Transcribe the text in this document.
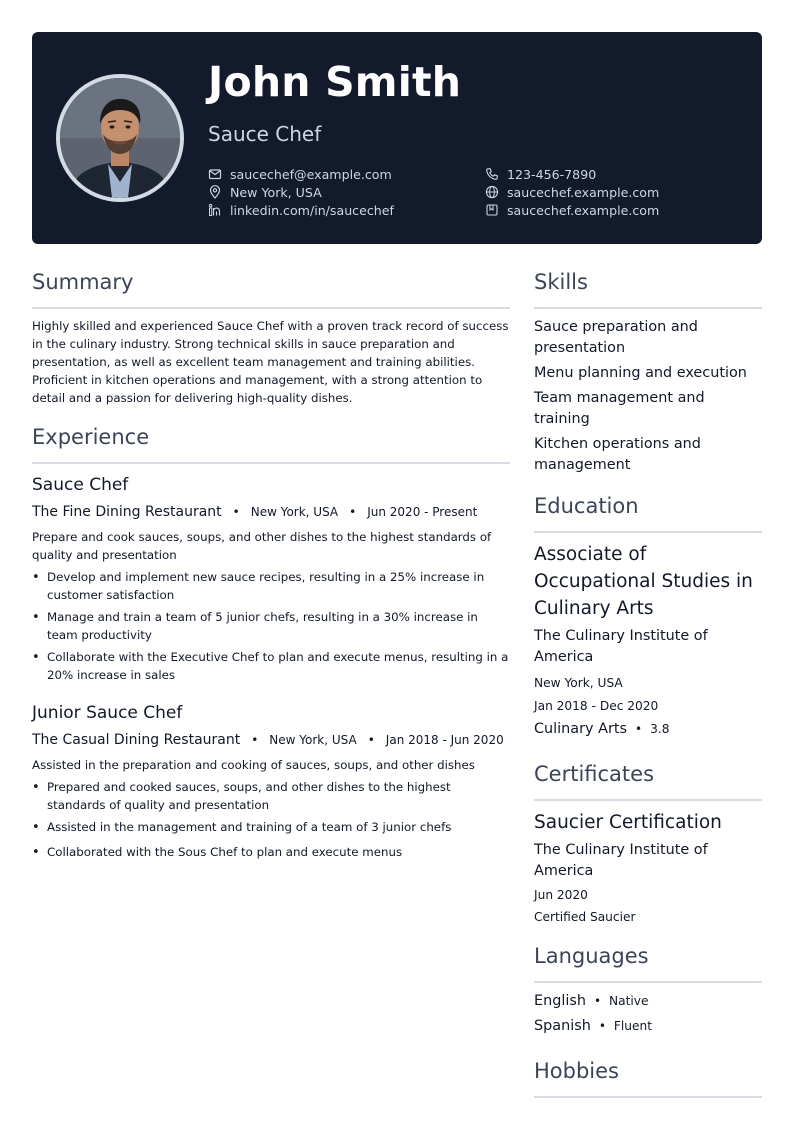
John Smith
Sauce Chef
saucechef@example.com
New York, USA
linkedin.com/in/saucechef
123-456-7890
saucechef.example.com
saucechef.example.com
Summary
Highly skilled and experienced Sauce Chef with a proven track record of success in the culinary industry. Strong technical skills in sauce preparation and presentation, as well as excellent team management and training abilities. Proficient in kitchen operations and management, with a strong attention to detail and a passion for delivering high-quality dishes.
Experience
Sauce Chef
The Fine Dining Restaurant • New York, USA • Jun 2020 - Present
Prepare and cook sauces, soups, and other dishes to the highest standards of quality and presentation
• Develop and implement new sauce recipes, resulting in a 25% increase in customer satisfaction
• Manage and train a team of 5 junior chefs, resulting in a 30% increase in team productivity
• Collaborate with the Executive Chef to plan and execute menus, resulting in a 20% increase in sales
Junior Sauce Chef
The Casual Dining Restaurant • New York, USA • Jan 2018 - Jun 2020
Assisted in the preparation and cooking of sauces, soups, and other dishes
• Prepared and cooked sauces, soups, and other dishes to the highest standards of quality and presentation
• Assisted in the management and training of a team of 3 junior chefs
• Collaborated with the Sous Chef to plan and execute menus
Skills
Sauce preparation and presentation
Menu planning and execution
Team management and training
Kitchen operations and management
Education
Associate of Occupational Studies in Culinary Arts
The Culinary Institute of America
New York, USA
Jan 2018 - Dec 2020
Culinary Arts • 3.8
Certificates
Saucier Certification
The Culinary Institute of America
Jun 2020
Certified Saucier
Languages
English • Native
Spanish • Fluent
Hobbies
